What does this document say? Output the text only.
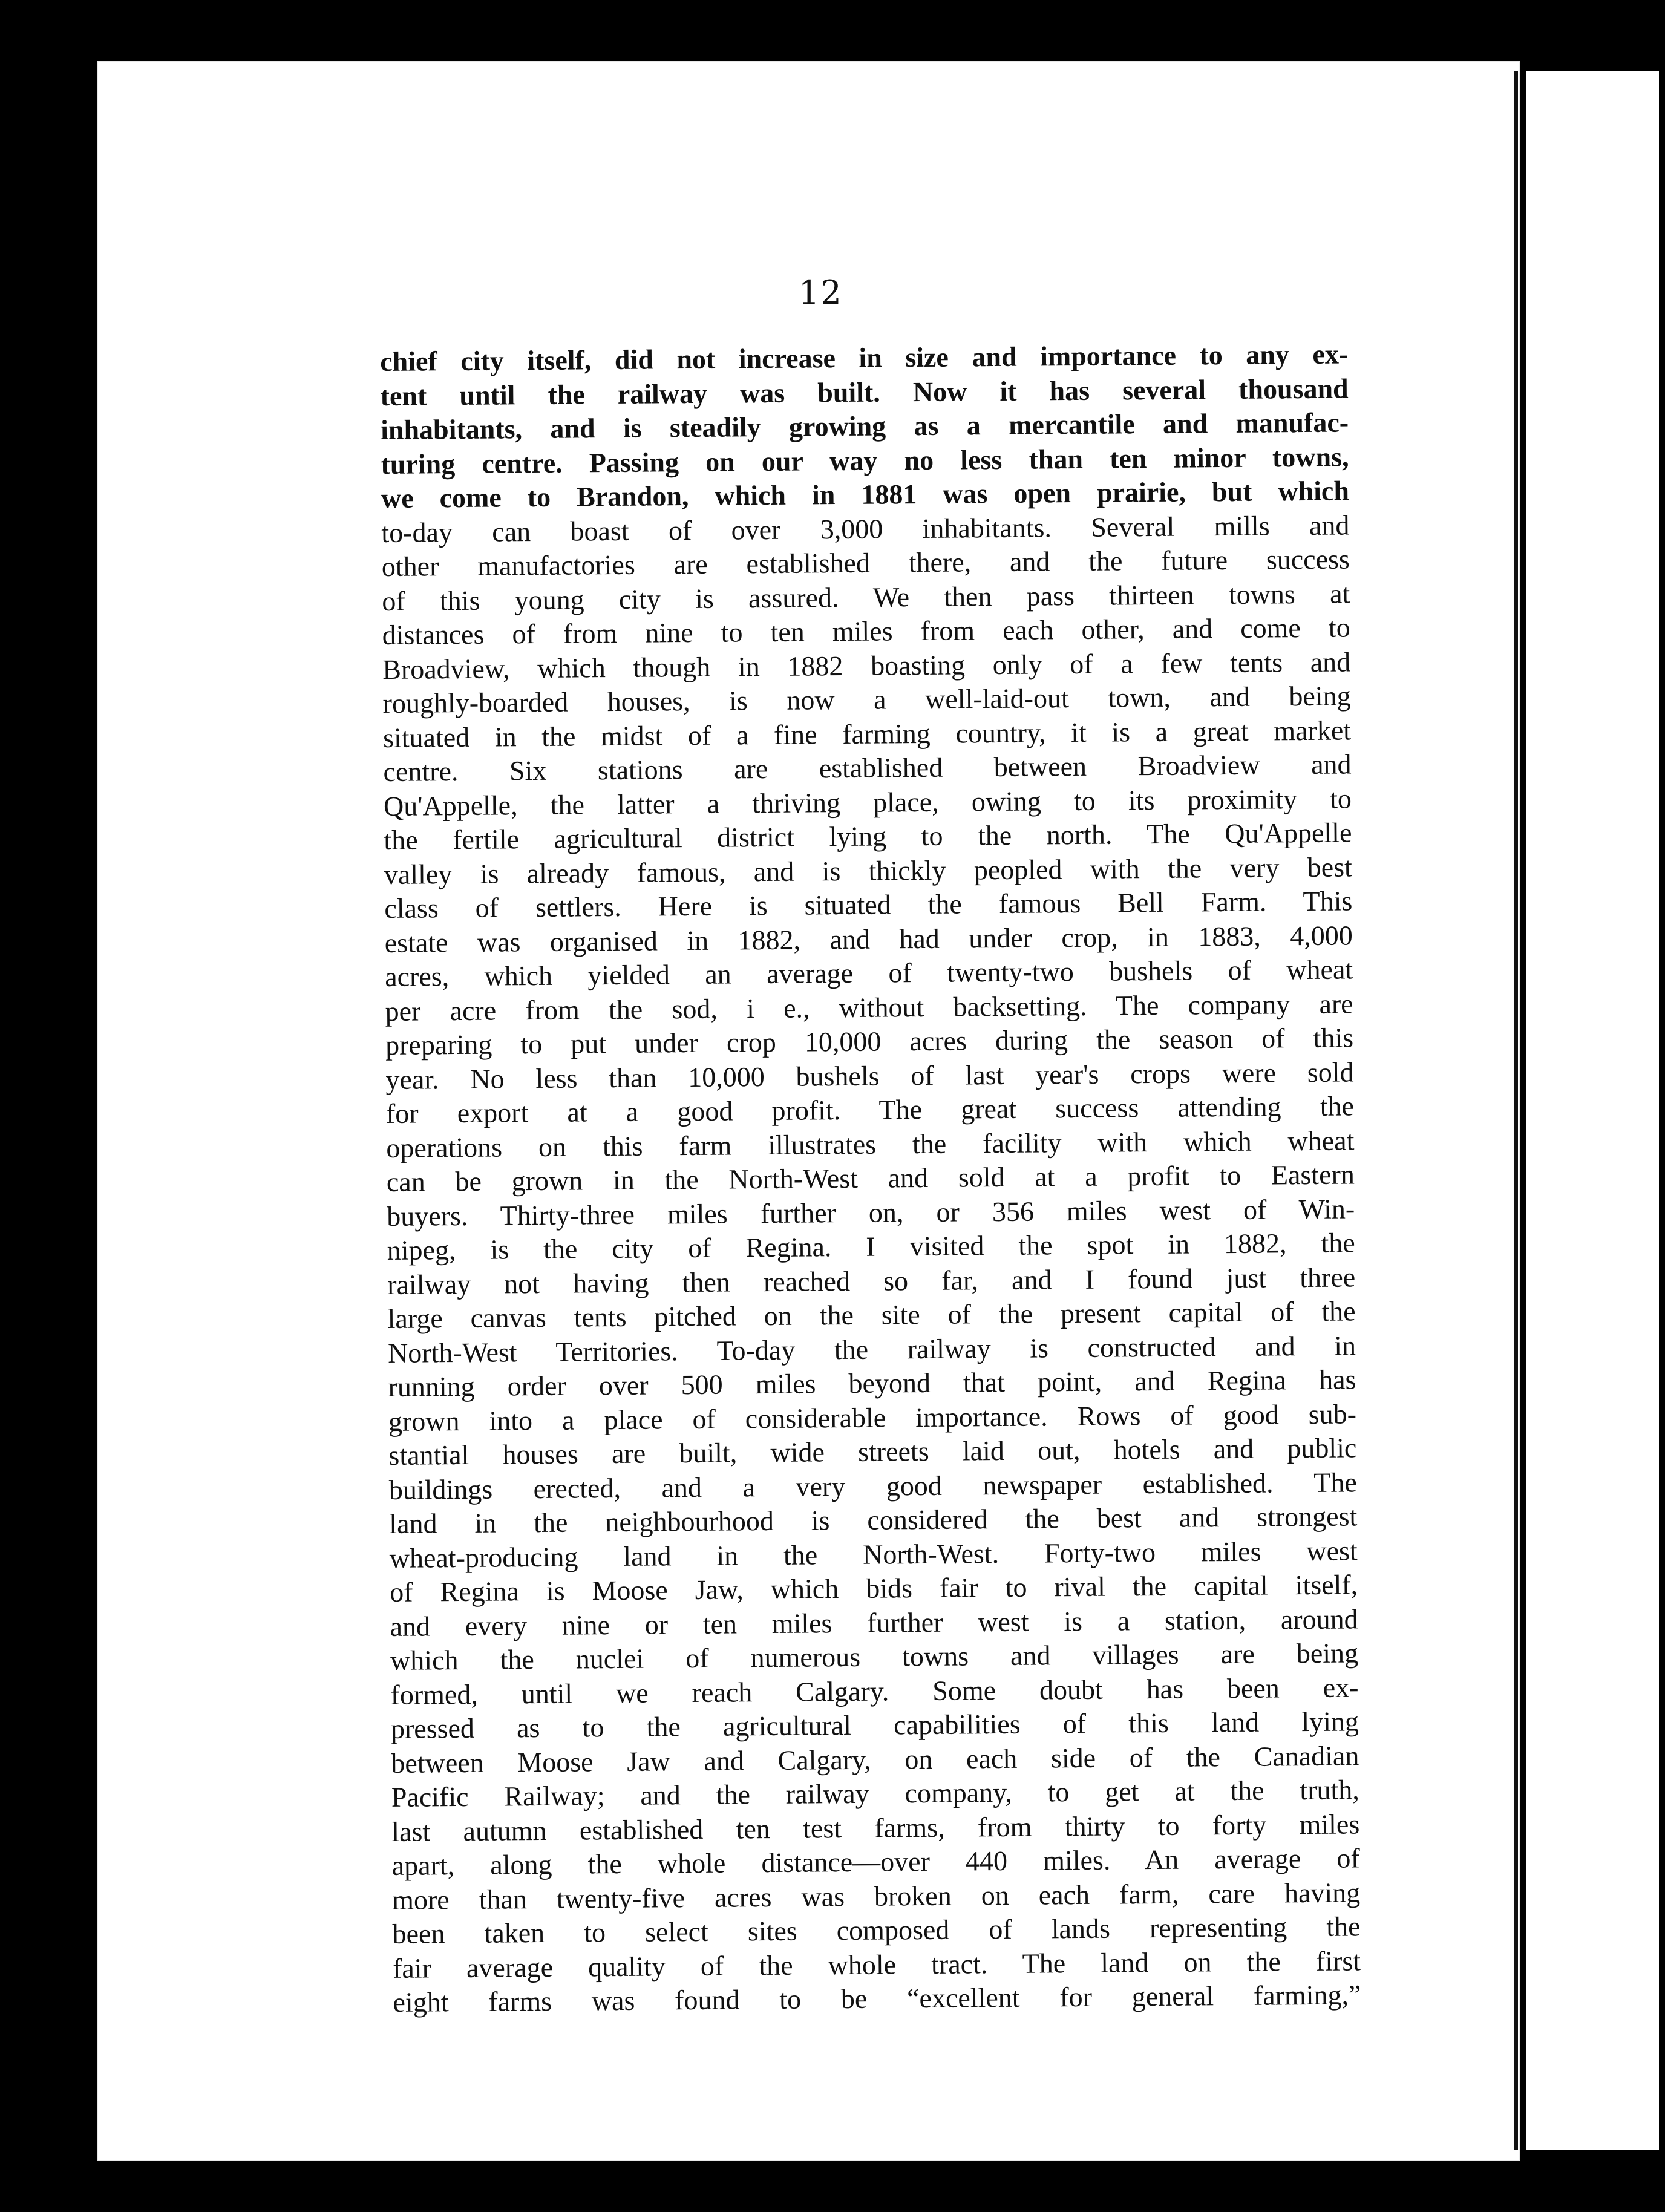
12
chief city itself, did not increase in size and importance to any ex-
tent until the railway was built. Now it has several thousand
inhabitants, and is steadily growing as a mercantile and manufac-
turing centre. Passing on our way no less than ten minor towns,
we come to Brandon, which in 1881 was open prairie, but which
to-day can boast of over 3,000 inhabitants. Several mills and
other manufactories are established there, and the future success
of this young city is assured. We then pass thirteen towns at
distances of from nine to ten miles from each other, and come to
Broadview, which though in 1882 boasting only of a few tents and
roughly-boarded houses, is now a well-laid-out town, and being
situated in the midst of a fine farming country, it is a great market
centre. Six stations are established between Broadview and
Qu'Appelle, the latter a thriving place, owing to its proximity to
the fertile agricultural district lying to the north. The Qu'Appelle
valley is already famous, and is thickly peopled with the very best
class of settlers. Here is situated the famous Bell Farm. This
estate was organised in 1882, and had under crop, in 1883, 4,000
acres, which yielded an average of twenty-two bushels of wheat
per acre from the sod, i e., without backsetting. The company are
preparing to put under crop 10,000 acres during the season of this
year. No less than 10,000 bushels of last year's crops were sold
for export at a good profit. The great success attending the
operations on this farm illustrates the facility with which wheat
can be grown in the North-West and sold at a profit to Eastern
buyers. Thirty-three miles further on, or 356 miles west of Win-
nipeg, is the city of Regina. I visited the spot in 1882, the
railway not having then reached so far, and I found just three
large canvas tents pitched on the site of the present capital of the
North-West Territories. To-day the railway is constructed and in
running order over 500 miles beyond that point, and Regina has
grown into a place of considerable importance. Rows of good sub-
stantial houses are built, wide streets laid out, hotels and public
buildings erected, and a very good newspaper established. The
land in the neighbourhood is considered the best and strongest
wheat-producing land in the North-West. Forty-two miles west
of Regina is Moose Jaw, which bids fair to rival the capital itself,
and every nine or ten miles further west is a station, around
which the nuclei of numerous towns and villages are being
formed, until we reach Calgary. Some doubt has been ex-
pressed as to the agricultural capabilities of this land lying
between Moose Jaw and Calgary, on each side of the Canadian
Pacific Railway; and the railway company, to get at the truth,
last autumn established ten test farms, from thirty to forty miles
apart, along the whole distance—over 440 miles. An average of
more than twenty-five acres was broken on each farm, care having
been taken to select sites composed of lands representing the
fair average quality of the whole tract. The land on the first
eight farms was found to be “excellent for general farming,”
